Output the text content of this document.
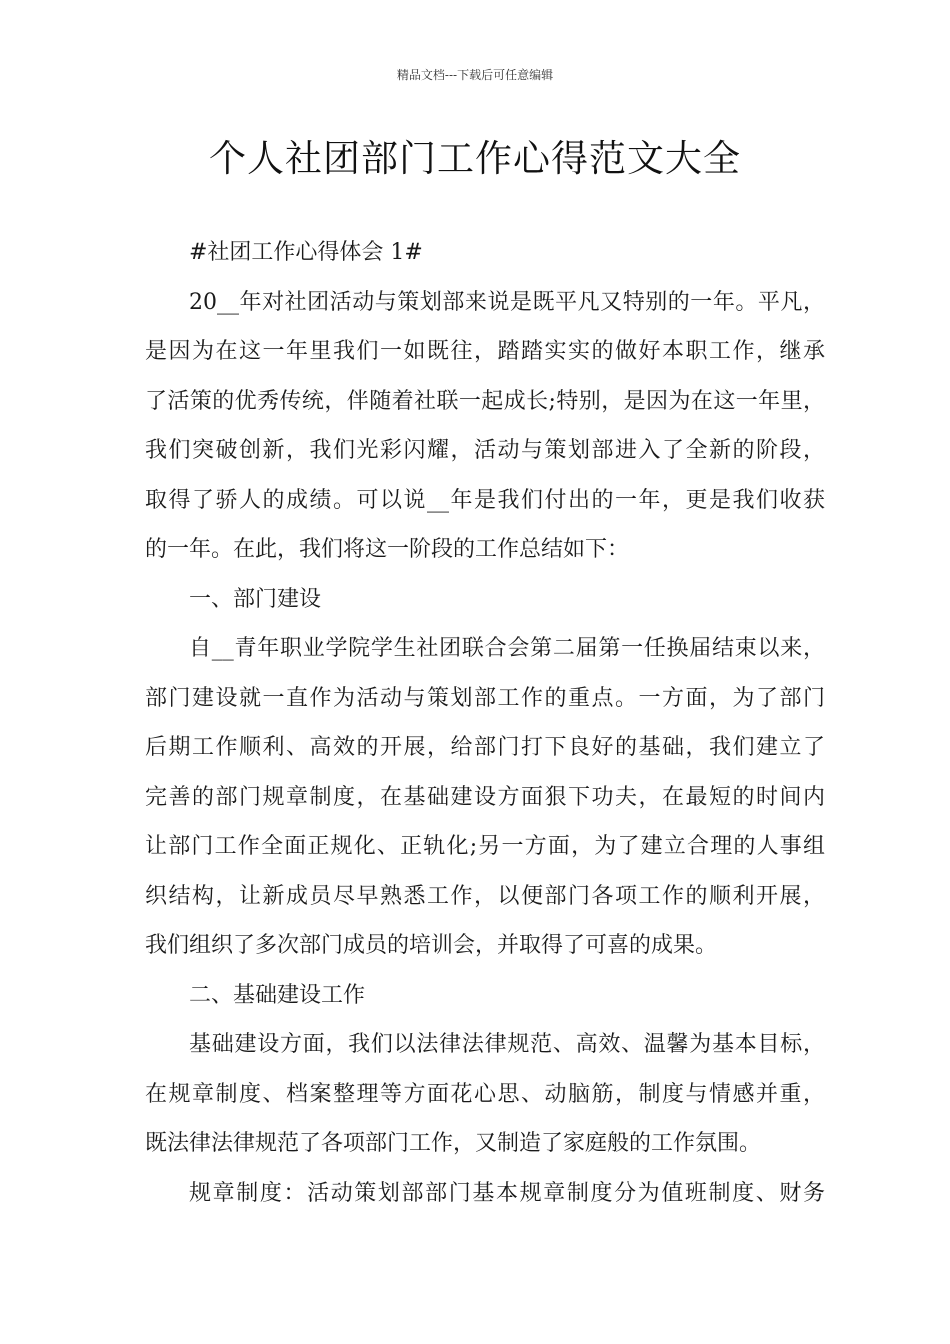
精品文档---下载后可任意编辑
个人社团部门工作心得范文大全
#社团工作心得体会 1#
20__年对社团活动与策划部来说是既平凡又特别的一年。平凡，
是因为在这一年里我们一如既往，踏踏实实的做好本职工作，继承
了活策的优秀传统，伴随着社联一起成长;特别，是因为在这一年里，
我们突破创新，我们光彩闪耀，活动与策划部进入了全新的阶段，
取得了骄人的成绩。可以说__年是我们付出的一年，更是我们收获
的一年。在此，我们将这一阶段的工作总结如下：
一、部门建设
自__青年职业学院学生社团联合会第二届第一任换届结束以来，
部门建设就一直作为活动与策划部工作的重点。一方面，为了部门
后期工作顺利、高效的开展，给部门打下良好的基础，我们建立了
完善的部门规章制度，在基础建设方面狠下功夫，在最短的时间内
让部门工作全面正规化、正轨化;另一方面，为了建立合理的人事组
织结构，让新成员尽早熟悉工作，以便部门各项工作的顺利开展，
我们组织了多次部门成员的培训会，并取得了可喜的成果。
二、基础建设工作
基础建设方面，我们以法律法律规范、高效、温馨为基本目标，
在规章制度、档案整理等方面花心思、动脑筋，制度与情感并重，
既法律法律规范了各项部门工作，又制造了家庭般的工作氛围。
规章制度：活动策划部部门基本规章制度分为值班制度、财务
